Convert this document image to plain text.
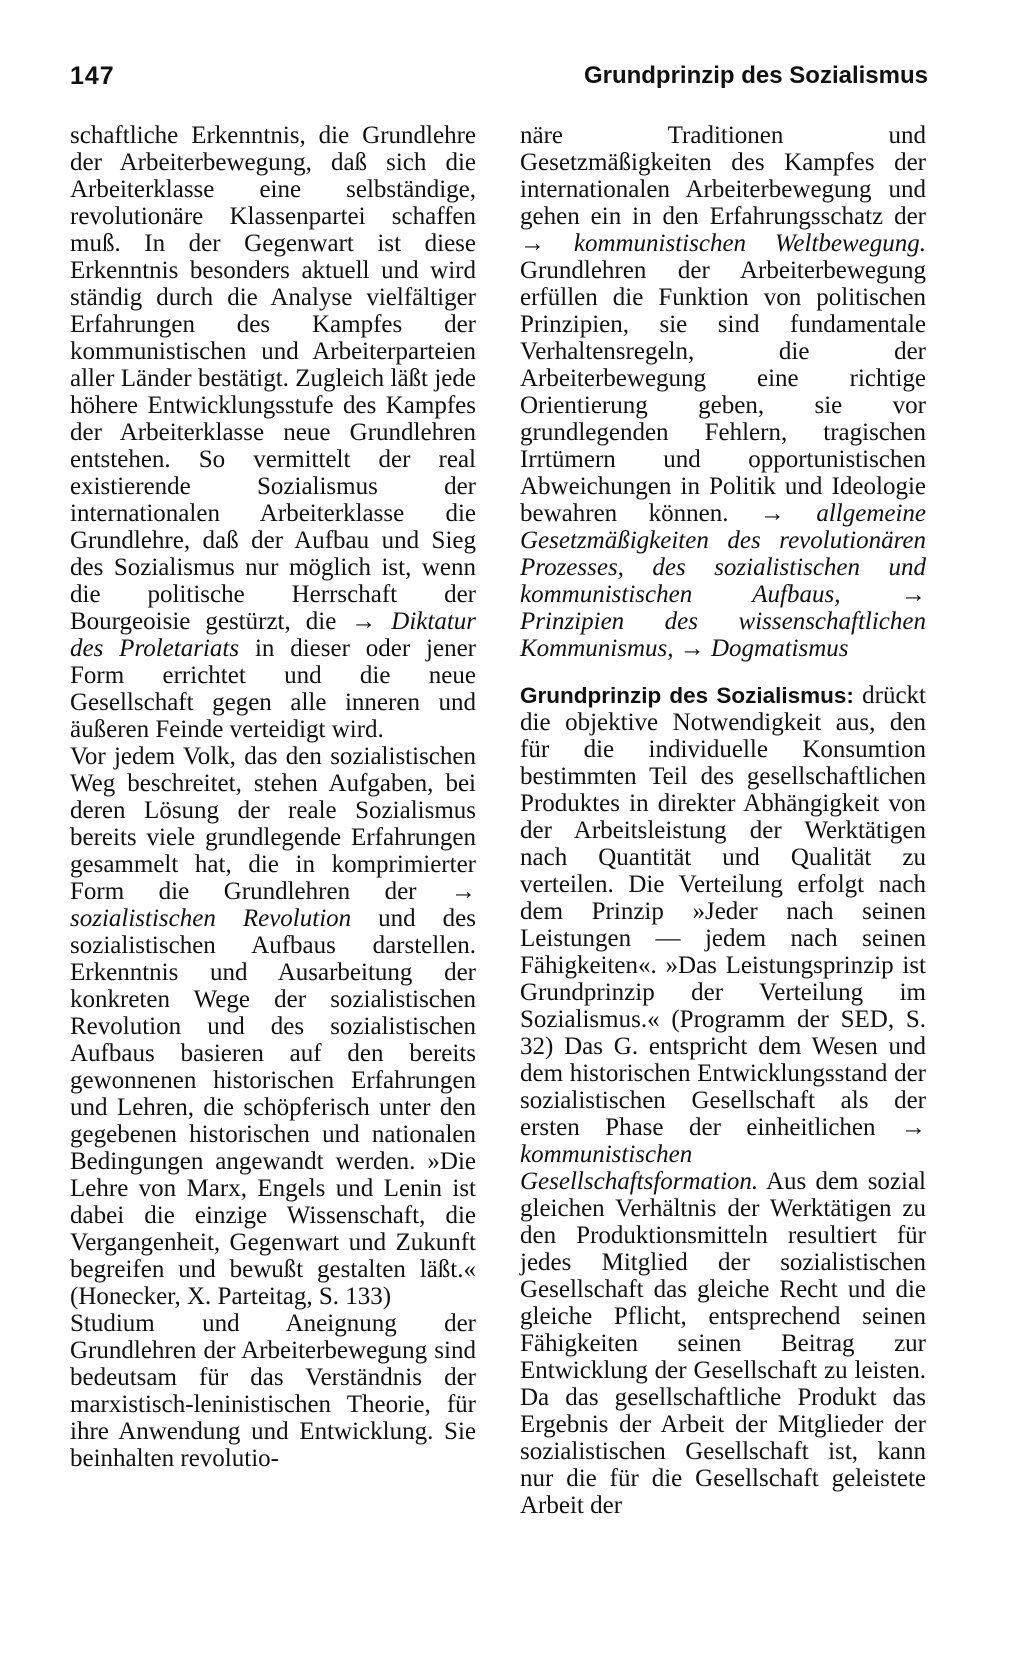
147	Grundprinzip des Sozialismus

schaftliche Erkenntnis, die Grundlehre der Arbeiterbewegung, daß sich die Arbeiterklasse eine selbständige, revolutionäre Klassenpartei schaffen muß. In der Gegenwart ist diese Erkenntnis besonders aktuell und wird ständig durch die Analyse vielfältiger Erfahrungen des Kampfes der kommunistischen und Arbeiterparteien aller Länder bestätigt. Zugleich läßt jede höhere Entwicklungsstufe des Kampfes der Arbeiterklasse neue Grundlehren entstehen. So vermittelt der real existierende Sozialismus der internationalen Arbeiterklasse die Grundlehre, daß der Aufbau und Sieg des Sozialismus nur möglich ist, wenn die politische Herrschaft der Bourgeoisie gestürzt, die → Diktatur des Proletariats in dieser oder jener Form errichtet und die neue Gesellschaft gegen alle inneren und äußeren Feinde verteidigt wird.

Vor jedem Volk, das den sozialistischen Weg beschreitet, stehen Aufgaben, bei deren Lösung der reale Sozialismus bereits viele grundlegende Erfahrungen gesammelt hat, die in komprimierter Form die Grundlehren der → sozialistischen Revolution und des sozialistischen Aufbaus darstellen. Erkenntnis und Ausarbeitung der konkreten Wege der sozialistischen Revolution und des sozialistischen Aufbaus basieren auf den bereits gewonnenen historischen Erfahrungen und Lehren, die schöpferisch unter den gegebenen historischen und nationalen Bedingungen angewandt werden. »Die Lehre von Marx, Engels und Lenin ist dabei die einzige Wissenschaft, die Vergangenheit, Gegenwart und Zukunft begreifen und bewußt gestalten läßt.« (Honecker, X. Parteitag, S. 133)

Studium und Aneignung der Grundlehren der Arbeiterbewegung sind bedeutsam für das Verständnis der marxistisch-leninistischen Theorie, für ihre Anwendung und Entwicklung. Sie beinhalten revolutio-

näre Traditionen und Gesetzmäßigkeiten des Kampfes der internationalen Arbeiterbewegung und gehen ein in den Erfahrungsschatz der → kommunistischen Weltbewegung. Grundlehren der Arbeiterbewegung erfüllen die Funktion von politischen Prinzipien, sie sind fundamentale Verhaltensregeln, die der Arbeiterbewegung eine richtige Orientierung geben, sie vor grundlegenden Fehlern, tragischen Irrtümern und opportunistischen Abweichungen in Politik und Ideologie bewahren können. → allgemeine Gesetzmäßigkeiten des revolutionären Prozesses, des sozialistischen und kommunistischen Aufbaus, → Prinzipien des wissenschaftlichen Kommunismus, → Dogmatismus

Grundprinzip des Sozialismus: drückt die objektive Notwendigkeit aus, den für die individuelle Konsumtion bestimmten Teil des gesellschaftlichen Produktes in direkter Abhängigkeit von der Arbeitsleistung der Werktätigen nach Quantität und Qualität zu verteilen. Die Verteilung erfolgt nach dem Prinzip »Jeder nach seinen Leistungen — jedem nach seinen Fähigkeiten«. »Das Leistungsprinzip ist Grundprinzip der Verteilung im Sozialismus.« (Programm der SED, S. 32) Das G. entspricht dem Wesen und dem historischen Entwicklungsstand der sozialistischen Gesellschaft als der ersten Phase der einheitlichen → kommunistischen Gesellschaftsformation. Aus dem sozial gleichen Verhältnis der Werktätigen zu den Produktionsmitteln resultiert für jedes Mitglied der sozialistischen Gesellschaft das gleiche Recht und die gleiche Pflicht, entsprechend seinen Fähigkeiten seinen Beitrag zur Entwicklung der Gesellschaft zu leisten. Da das gesellschaftliche Produkt das Ergebnis der Arbeit der Mitglieder der sozialistischen Gesellschaft ist, kann nur die für die Gesellschaft geleistete Arbeit der
